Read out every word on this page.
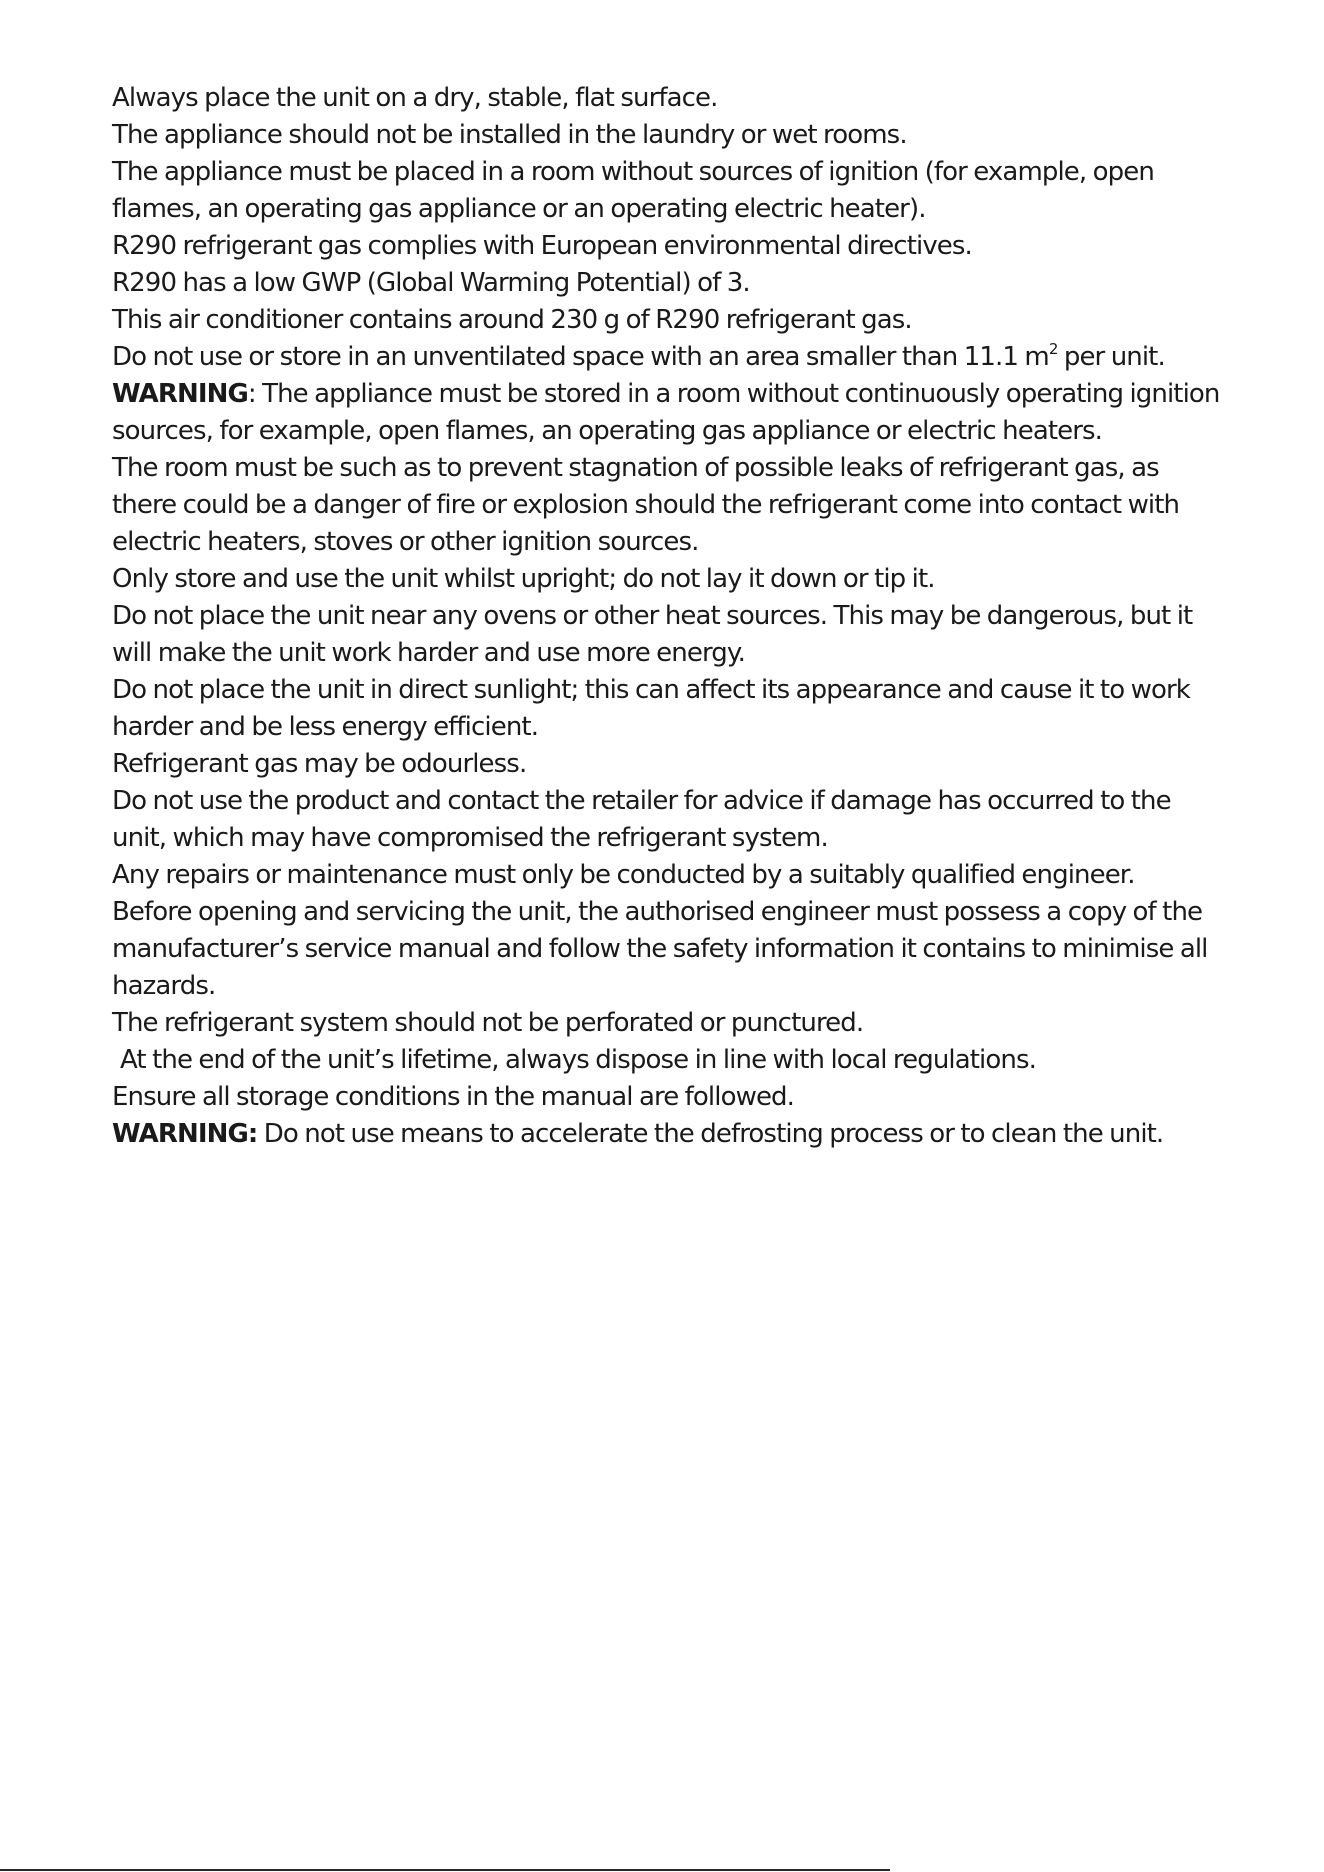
Always place the unit on a dry, stable, flat surface.

The appliance should not be installed in the laundry or wet rooms.

The appliance must be placed in a room without sources of ignition (for example, open flames, an operating gas appliance or an operating electric heater).

R290 refrigerant gas complies with European environmental directives.

R290 has a low GWP (Global Warming Potential) of 3.

This air conditioner contains around 230 g of R290 refrigerant gas.

Do not use or store in an unventilated space with an area smaller than 11.1 $m^2$ per unit.

WARNING: The appliance must be stored in a room without continuously operating ignition sources, for example, open flames, an operating gas appliance or electric heaters.

The room must be such as to prevent stagnation of possible leaks of refrigerant gas, as there could be a danger of fire or explosion should the refrigerant come into contact with electric heaters, stoves or other ignition sources.

Only store and use the unit whilst upright; do not lay it down or tip it.

Do not place the unit near any ovens or other heat sources. This may be dangerous, but it will make the unit work harder and use more energy.

Do not place the unit in direct sunlight; this can affect its appearance and cause it to work harder and be less energy efficient.

Refrigerant gas may be odourless.

Do not use the product and contact the retailer for advice if damage has occurred to the unit, which may have compromised the refrigerant system.

Any repairs or maintenance must only be conducted by a suitably qualified engineer.

Before opening and servicing the unit, the authorised engineer must possess a copy of the manufacturer’s service manual and follow the safety information it contains to minimise all hazards.

The refrigerant system should not be perforated or punctured.

At the end of the unit’s lifetime, always dispose in line with local regulations.

Ensure all storage conditions in the manual are followed.

WARNING: Do not use means to accelerate the defrosting process or to clean the unit.
